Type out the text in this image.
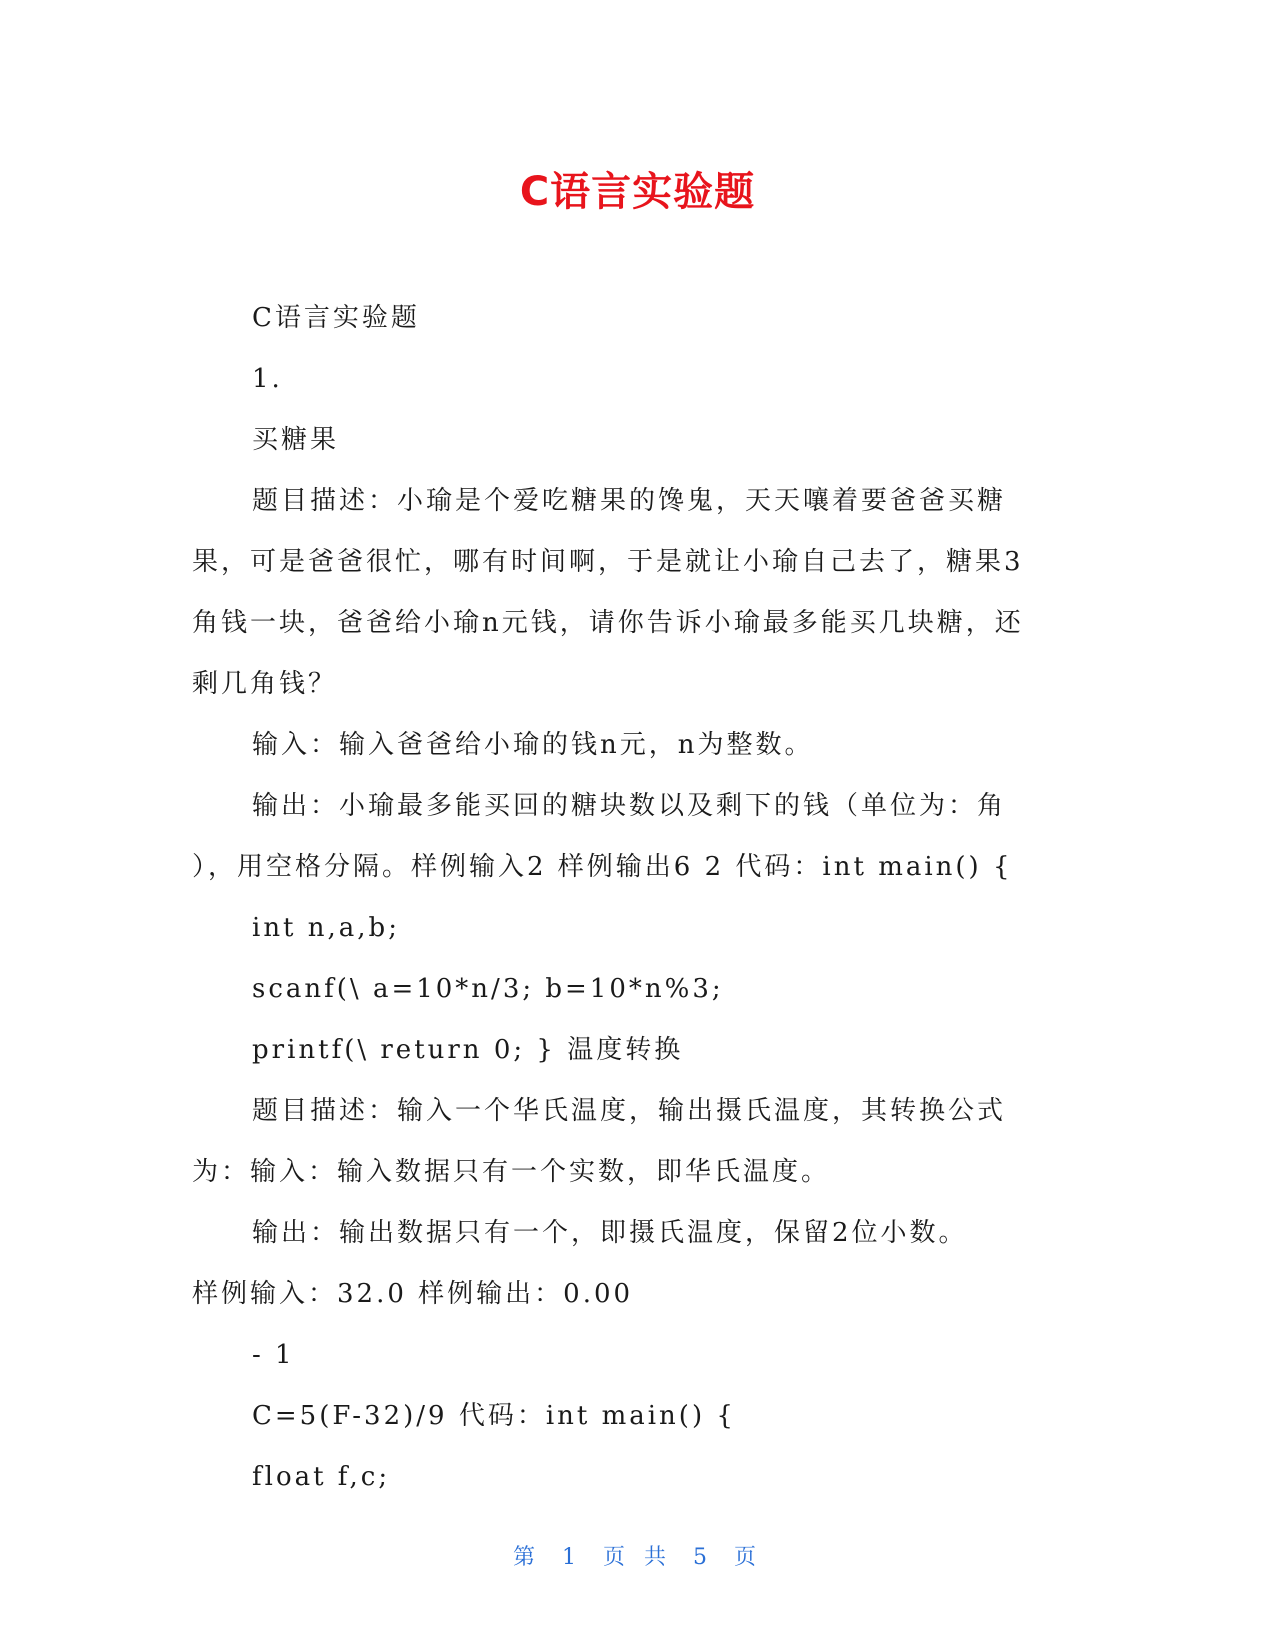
C语言实验题
C语言实验题
1.
买糖果
题目描述：小瑜是个爱吃糖果的馋鬼，天天嚷着要爸爸买糖
果，可是爸爸很忙，哪有时间啊，于是就让小瑜自己去了，糖果3
角钱一块，爸爸给小瑜n元钱，请你告诉小瑜最多能买几块糖，还
剩几角钱？
输入：输入爸爸给小瑜的钱n元，n为整数。
输出：小瑜最多能买回的糖块数以及剩下的钱（单位为：角
），用空格分隔。样例输入2 样例输出6 2 代码：int main() {
int n,a,b;
scanf(\ a=10*n/3; b=10*n%3;
printf(\ return 0; } 温度转换
题目描述：输入一个华氏温度，输出摄氏温度，其转换公式
为：输入：输入数据只有一个实数，即华氏温度。
输出：输出数据只有一个，即摄氏温度，保留2位小数。
样例输入：32.0 样例输出：0.00
- 1
C=5(F-32)/9 代码：int main() {
float f,c;
第 1 页 共 5 页
